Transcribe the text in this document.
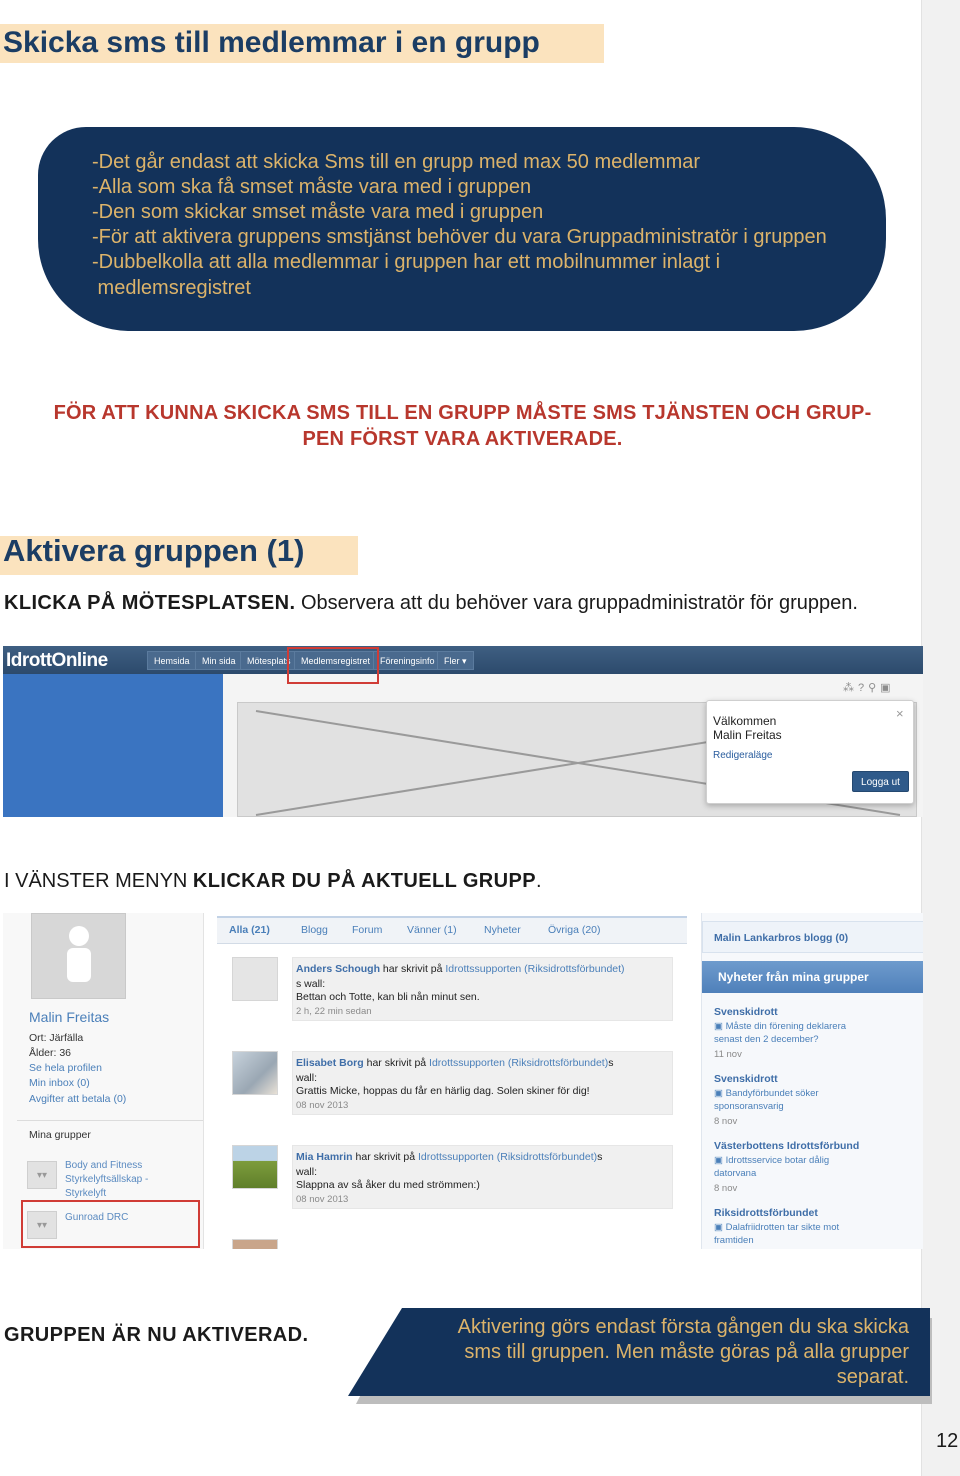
Skicka sms till medlemmar i en grupp
-Det går endast att skicka Sms till en grupp med max 50 medlemmar
-Alla som ska få smset måste vara med i gruppen
-Den som skickar smset måste vara med i gruppen
-För att aktivera gruppens smstjänst behöver du vara Gruppadministratör i gruppen
-Dubbelkolla att alla medlemmar i gruppen har ett mobilnummer inlagt i
medlemsregistret
FÖR ATT KUNNA SKICKA SMS TILL EN GRUPP MÅSTE SMS TJÄNSTEN OCH GRUP-
PEN FÖRST VARA AKTIVERADE.
Aktivera gruppen (1)
KLICKA PÅ MÖTESPLATSEN. Observera att du behöver vara gruppadministratör för gruppen.
IdrottOnline	Hemsida	Min sida	Mötesplats	Medlemsregistret	Föreningsinfo	Fler ▾
⁂?⚲▣
×
Välkommen
Malin Freitas
Redigeraläge
Logga ut
I VÄNSTER MENYN KLICKAR DU PÅ AKTUELL GRUPP.
Malin Freitas
Ort: Järfälla
Ålder: 36
Se hela profilen
Min inbox (0)
Avgifter att betala (0)
Mina grupper
▾▾
Body and Fitness
Styrkelyftsällskap -
Styrkelyft
▾▾
Gunroad DRC
Alla (21)	Blogg Forum Vänner (1)	Nyheter	Övriga (20)
Anders Schough har skrivit på Idrottssupporten (Riksidrottsförbundet)
s wall:
Bettan och Totte, kan bli nån minut sen.
2 h, 22 min sedan
Elisabet Borg har skrivit på Idrottssupporten (Riksidrottsförbundet)s
wall:
Grattis Micke, hoppas du får en härlig dag. Solen skiner för dig!
08 nov 2013
Mia Hamrin har skrivit på Idrottssupporten (Riksidrottsförbundet)s
wall:
Slappna av så åker du med strömmen:)
08 nov 2013
Malin Lankarbros blogg (0)
Nyheter från mina grupper
Svenskidrott
▣ Måste din förening deklarera senast den 2 december?
11 nov
Svenskidrott
▣ Bandyförbundet söker sponsoransvarig
8 nov
Västerbottens Idrottsförbund
▣ Idrottsservice botar dålig datorvana
8 nov
Riksidrottsförbundet
▣ Dalafriidrotten tar sikte mot framtiden
GRUPPEN ÄR NU AKTIVERAD.	Aktivering görs endast första gången du ska skicka
sms till gruppen. Men måste göras på alla grupper
separat.
12
